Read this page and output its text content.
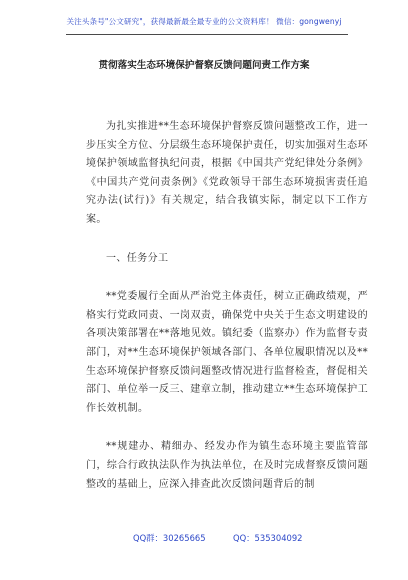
关注头条号"公文研究"，获得最新最全最专业的公文资料库！ 微信：gongwenyj
贯彻落实生态环境保护督察反馈问题问责工作方案

为扎实推进**生态环境保护督察反馈问题整改工作，进一步压实全方位、分层级生态环境保护责任，切实加强对生态环境保护领域监督执纪问责，根据《中国共产党纪律处分条例》《中国共产党问责条例》《党政领导干部生态环境损害责任追究办法(试行)》有关规定，结合我镇实际，制定以下工作方案。

一、任务分工

**党委履行全面从严治党主体责任，树立正确政绩观，严格实行党政同责、一岗双责，确保党中央关于生态文明建设的各项决策部署在**落地见效。镇纪委（监察办）作为监督专责部门，对**生态环境保护领域各部门、各单位履职情况以及**生态环境保护督察反馈问题整改情况进行监督检查，督促相关部门、单位举一反三、建章立制，推动建立**生态环境保护工作长效机制。

**规建办、精细办、经发办作为镇生态环境主要监管部门，综合行政执法队作为执法单位，在及时完成督察反馈问题整改的基础上，应深入排查此次反馈问题背后的制

QQ群：30265665	QQ：535304092
